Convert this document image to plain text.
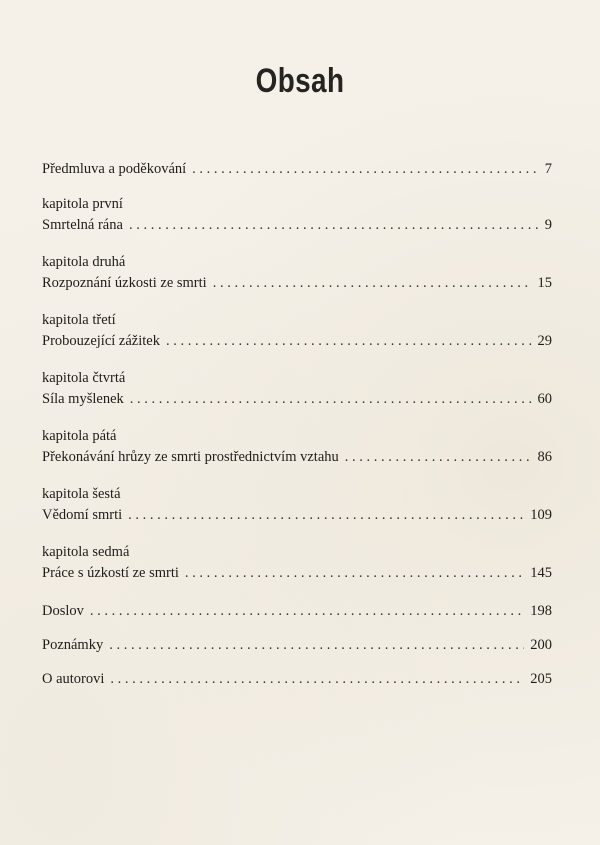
Obsah
Předmluva a poděkování . . .	7
kapitola první
Smrtelná rána . . .	9
kapitola druhá
Rozpoznání úzkosti ze smrti . . .	15
kapitola třetí
Probouzející zážitek . . .	29
kapitola čtvrtá
Síla myšlenek . . .	60
kapitola pátá
Překonávání hrůzy ze smrti prostřednictvím vztahu . . .	86
kapitola šestá
Vědomí smrti . . .	109
kapitola sedmá
Práce s úzkostí ze smrti . . .	145
Doslov . . .	198
Poznámky . . .	200
O autorovi . . .	205
